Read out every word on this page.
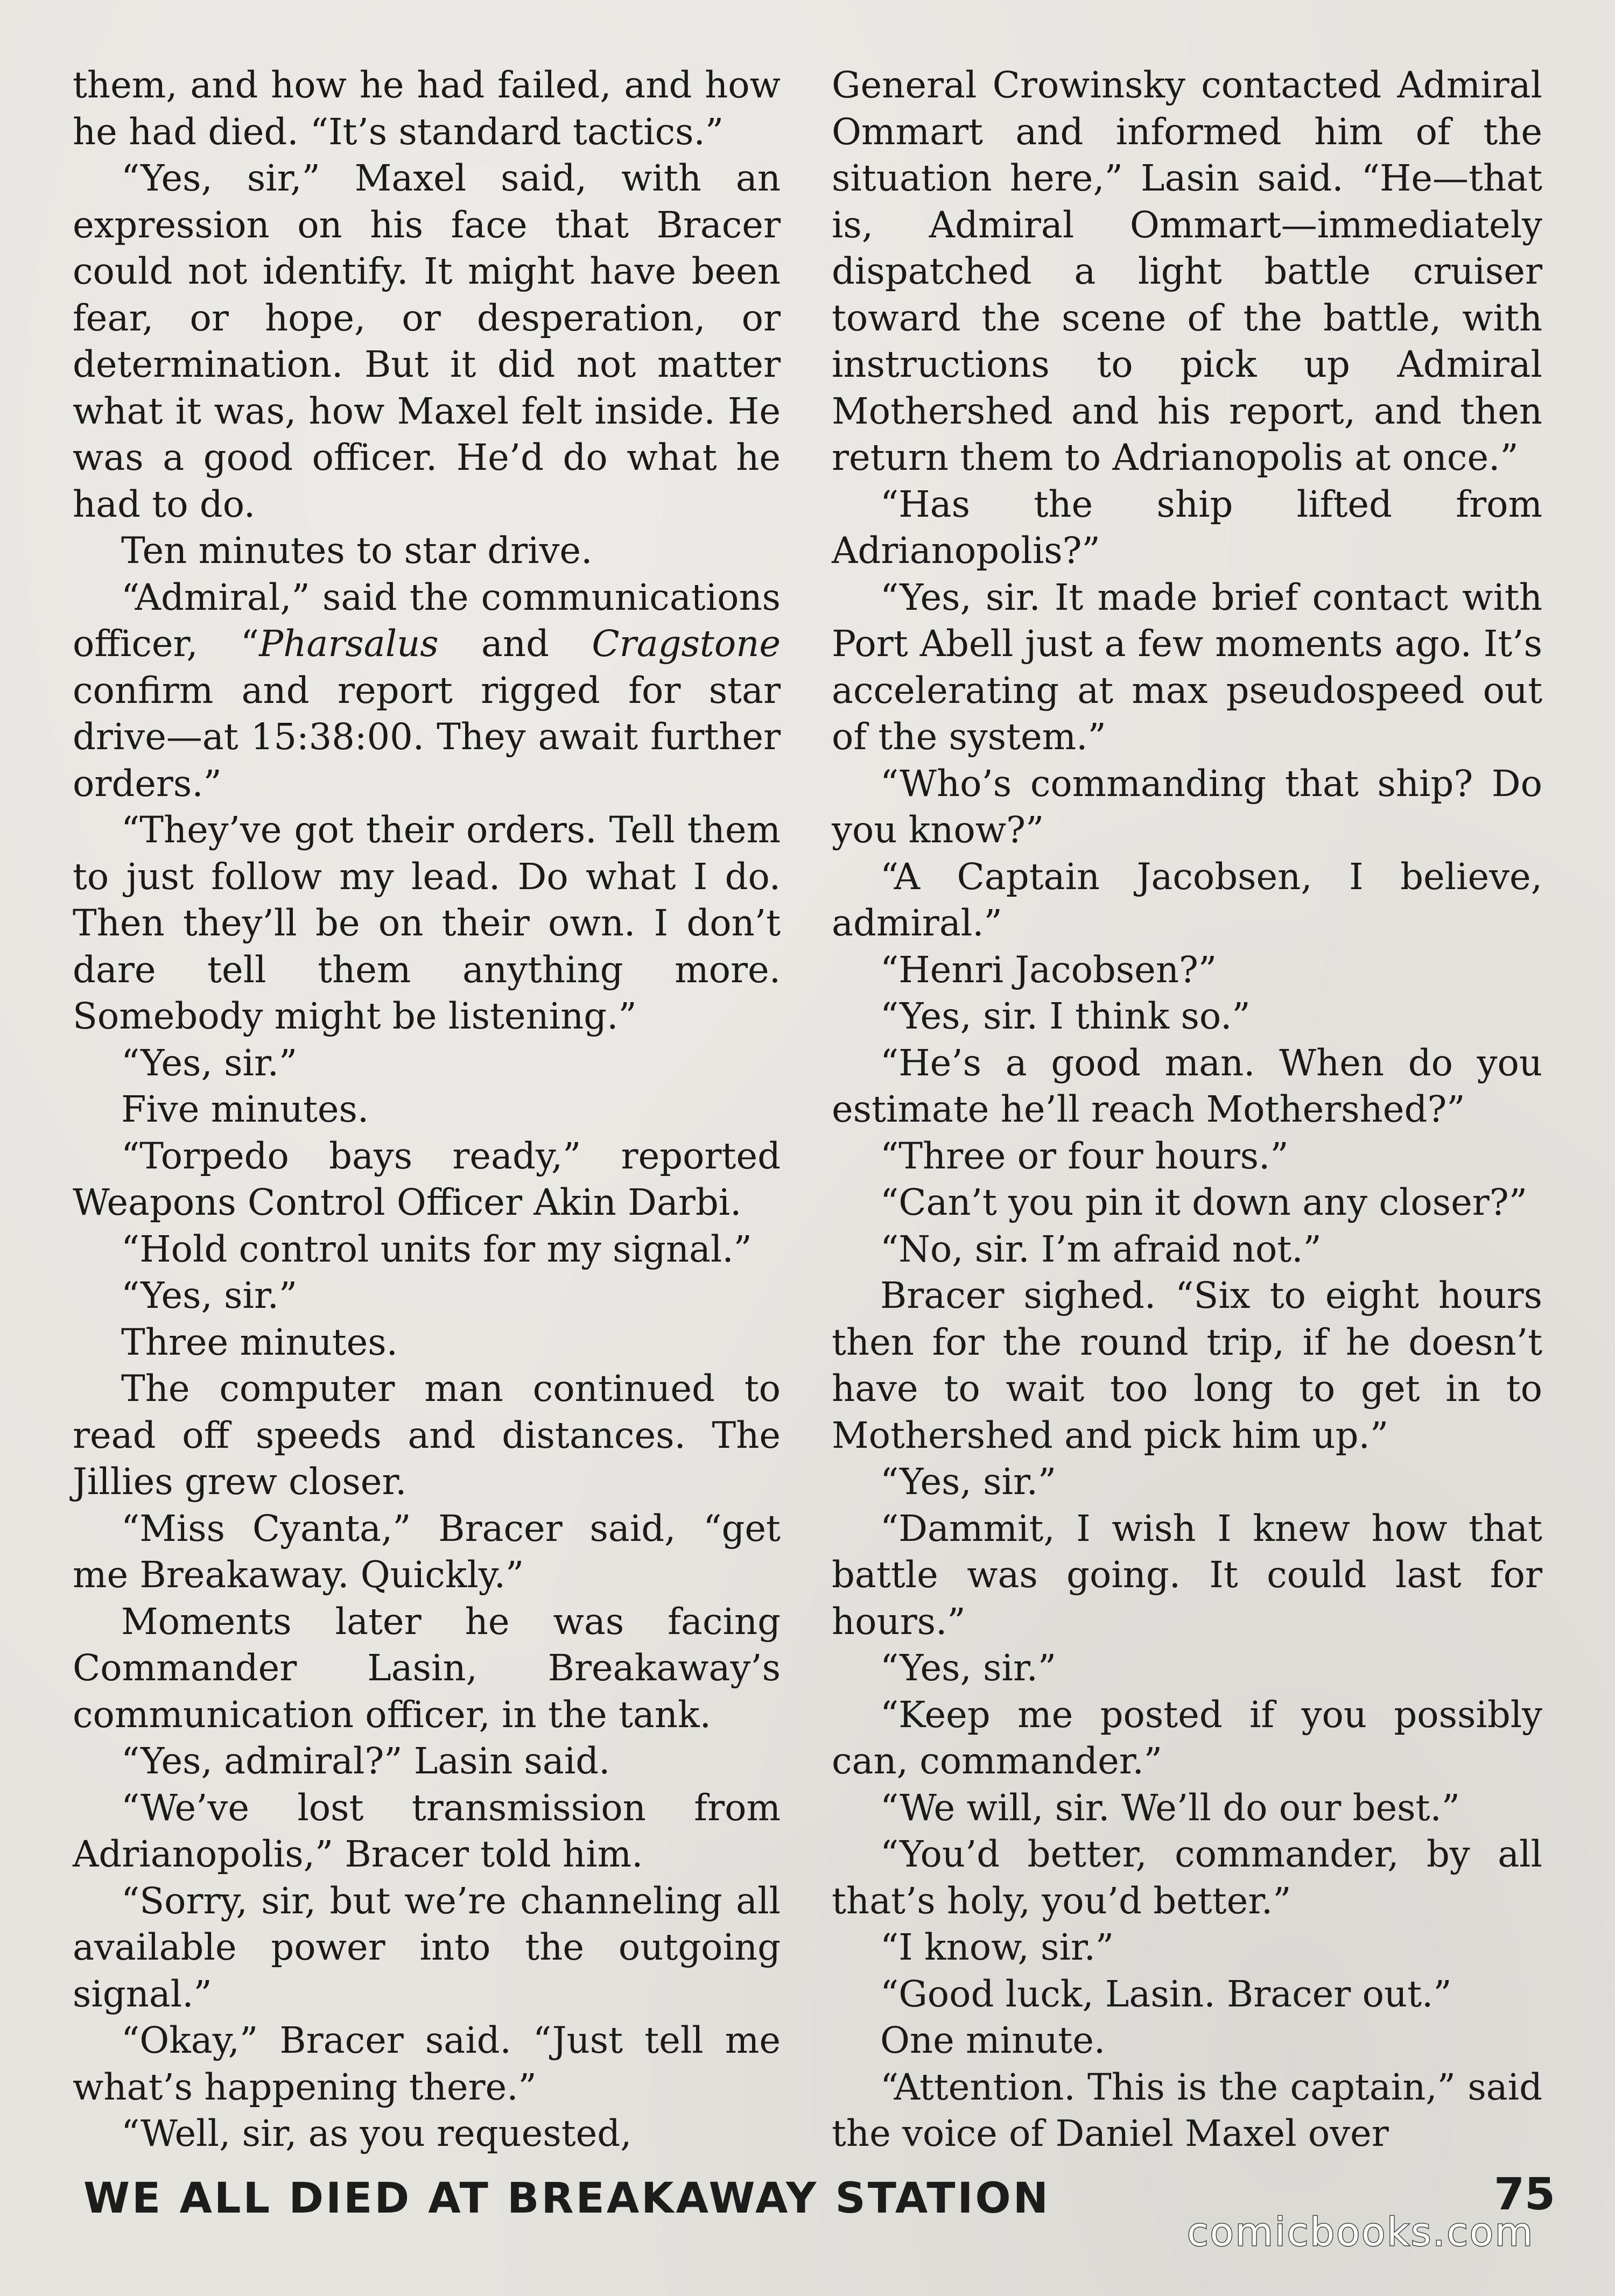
them, and how he had failed, and how he had died. “It’s standard tactics.”

“Yes, sir,” Maxel said, with an expression on his face that Bracer could not identify. It might have been fear, or hope, or desperation, or determination. But it did not matter what it was, how Maxel felt inside. He was a good officer. He’d do what he had to do.

Ten minutes to star drive.

“Admiral,” said the communications officer, “Pharsalus and Cragstone confirm and report rigged for star drive—at 15:38:00. They await further orders.”

“They’ve got their orders. Tell them to just follow my lead. Do what I do. Then they’ll be on their own. I don’t dare tell them anything more. Somebody might be listening.”

“Yes, sir.”

Five minutes.

“Torpedo bays ready,” reported Weapons Control Officer Akin Darbi.

“Hold control units for my signal.”

“Yes, sir.”

Three minutes.

The computer man continued to read off speeds and distances. The Jillies grew closer.

“Miss Cyanta,” Bracer said, “get me Breakaway. Quickly.”

Moments later he was facing Commander Lasin, Breakaway’s communication officer, in the tank.

“Yes, admiral?” Lasin said.

“We’ve lost transmission from Adrianopolis,” Bracer told him.

“Sorry, sir, but we’re channeling all available power into the outgoing signal.”

“Okay,” Bracer said. “Just tell me what’s happening there.”

“Well, sir, as you requested,

General Crowinsky contacted Admiral Ommart and informed him of the situation here,” Lasin said. “He—that is, Admiral Ommart—immediately dispatched a light battle cruiser toward the scene of the battle, with instructions to pick up Admiral Mothershed and his report, and then return them to Adrianopolis at once.”

“Has the ship lifted from Adrianopolis?”

“Yes, sir. It made brief contact with Port Abell just a few moments ago. It’s accelerating at max pseudospeed out of the system.”

“Who’s commanding that ship? Do you know?”

“A Captain Jacobsen, I believe, admiral.”

“Henri Jacobsen?”

“Yes, sir. I think so.”

“He’s a good man. When do you estimate he’ll reach Mothershed?”

“Three or four hours.”

“Can’t you pin it down any closer?”

“No, sir. I’m afraid not.”

Bracer sighed. “Six to eight hours then for the round trip, if he doesn’t have to wait too long to get in to Mothershed and pick him up.”

“Yes, sir.”

“Dammit, I wish I knew how that battle was going. It could last for hours.”

“Yes, sir.”

“Keep me posted if you possibly can, commander.”

“We will, sir. We’ll do our best.”

“You’d better, commander, by all that’s holy, you’d better.”

“I know, sir.”

“Good luck, Lasin. Bracer out.”

One minute.

“Attention. This is the captain,” said the voice of Daniel Maxel over

WE ALL DIED AT BREAKAWAY STATION	75
comicbooks.com
